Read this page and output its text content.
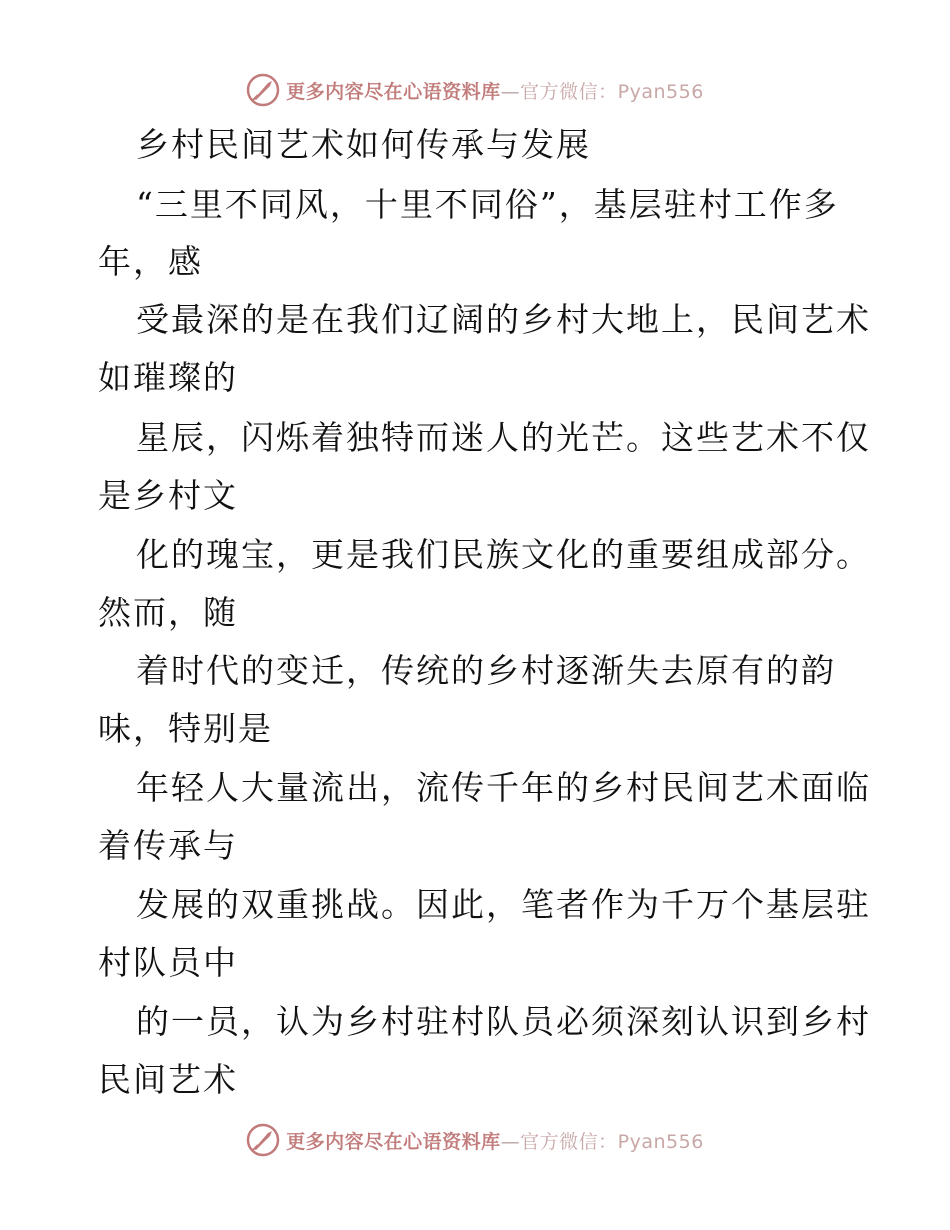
更多内容尽在心语资料库—官方微信：Pyan556
乡村民间艺术如何传承与发展
“三里不同风，十里不同俗”，基层驻村工作多
年，感
受最深的是在我们辽阔的乡村大地上，民间艺术
如璀璨的
星辰，闪烁着独特而迷人的光芒。这些艺术不仅
是乡村文
化的瑰宝，更是我们民族文化的重要组成部分。
然而，随
着时代的变迁，传统的乡村逐渐失去原有的韵
味，特别是
年轻人大量流出，流传千年的乡村民间艺术面临
着传承与
发展的双重挑战。因此，笔者作为千万个基层驻
村队员中
的一员，认为乡村驻村队员必须深刻认识到乡村
民间艺术
更多内容尽在心语资料库—官方微信：Pyan556
